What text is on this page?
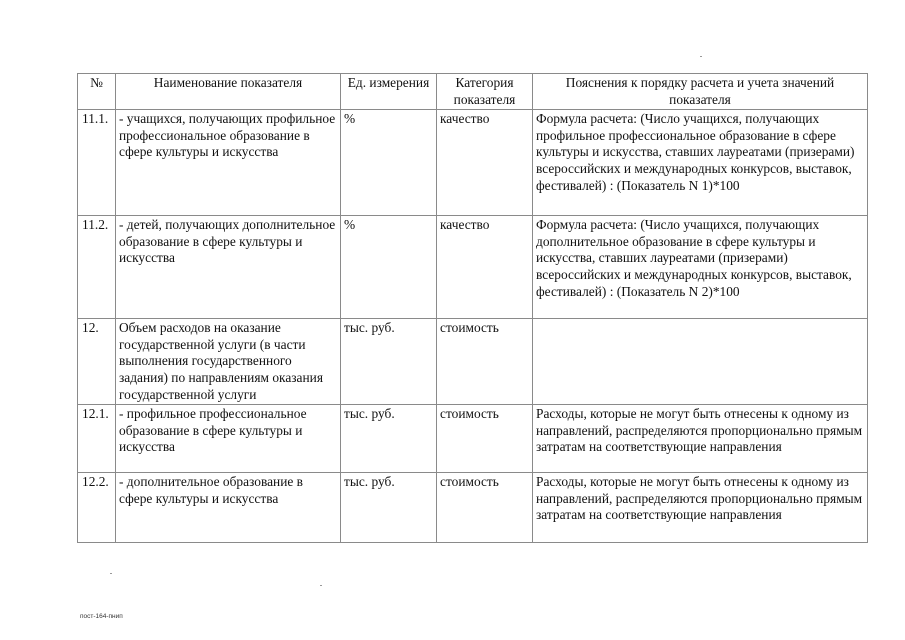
№	Наименование показателя	Ед. измерения	Категория показателя	Пояснения к порядку расчета и учета значений показателя
11.1.	- учащихся, получающих профильное профессиональное образование в сфере культуры и искусства	%	качество	Формула расчета: (Число учащихся, получающих профильное профессиональное образование в сфере культуры и искусства, ставших лауреатами (призерами) всероссийских и международных конкурсов, выставок, фестивалей) : (Показатель N 1)*100
11.2.	- детей, получающих дополнительное образование в сфере культуры и искусства	%	качество	Формула расчета: (Число учащихся, получающих дополнительное образование в сфере культуры и искусства, ставших лауреатами (призерами) всероссийских и международных конкурсов, выставок, фестивалей) : (Показатель N 2)*100
12.	Объем расходов на оказание государственной услуги (в части выполнения государственного задания) по направлениям оказания государственной услуги	тыс. руб.	стоимость	
12.1.	- профильное профессиональное образование в сфере культуры и искусства	тыс. руб.	стоимость	Расходы, которые не могут быть отнесены к одному из направлений, распределяются пропорционально прямым затратам на соответствующие направления
12.2.	- дополнительное образование в сфере культуры и искусства	тыс. руб.	стоимость	Расходы, которые не могут быть отнесены к одному из направлений, распределяются пропорционально прямым затратам на соответствующие направления
пост-164-пнип
